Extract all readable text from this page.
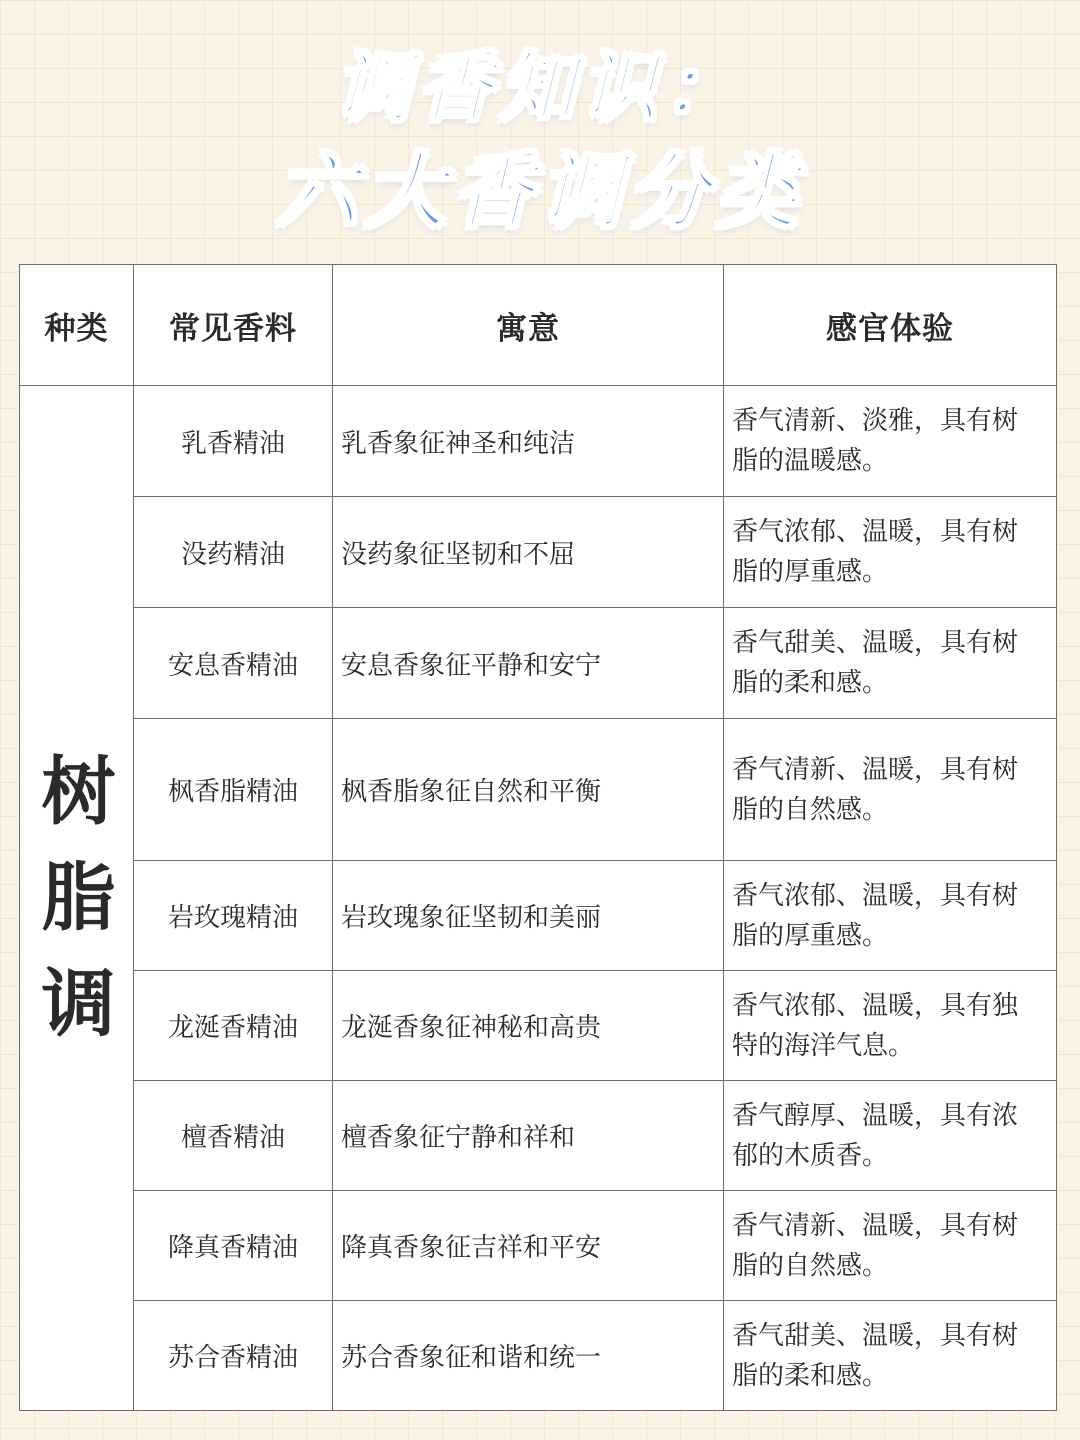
调香知识：
六大香调分类
种类	常见香料	寓意	感官体验
树脂调	乳香精油	乳香象征神圣和纯洁	香气清新、淡雅，具有树脂的温暖感。
	没药精油	没药象征坚韧和不屈	香气浓郁、温暖，具有树脂的厚重感。
	安息香精油	安息香象征平静和安宁	香气甜美、温暖，具有树脂的柔和感。
	枫香脂精油	枫香脂象征自然和平衡	香气清新、温暖，具有树脂的自然感。
	岩玫瑰精油	岩玫瑰象征坚韧和美丽	香气浓郁、温暖，具有树脂的厚重感。
	龙涎香精油	龙涎香象征神秘和高贵	香气浓郁、温暖，具有独特的海洋气息。
	檀香精油	檀香象征宁静和祥和	香气醇厚、温暖，具有浓郁的木质香。
	降真香精油	降真香象征吉祥和平安	香气清新、温暖，具有树脂的自然感。
	苏合香精油	苏合香象征和谐和统一	香气甜美、温暖，具有树脂的柔和感。
